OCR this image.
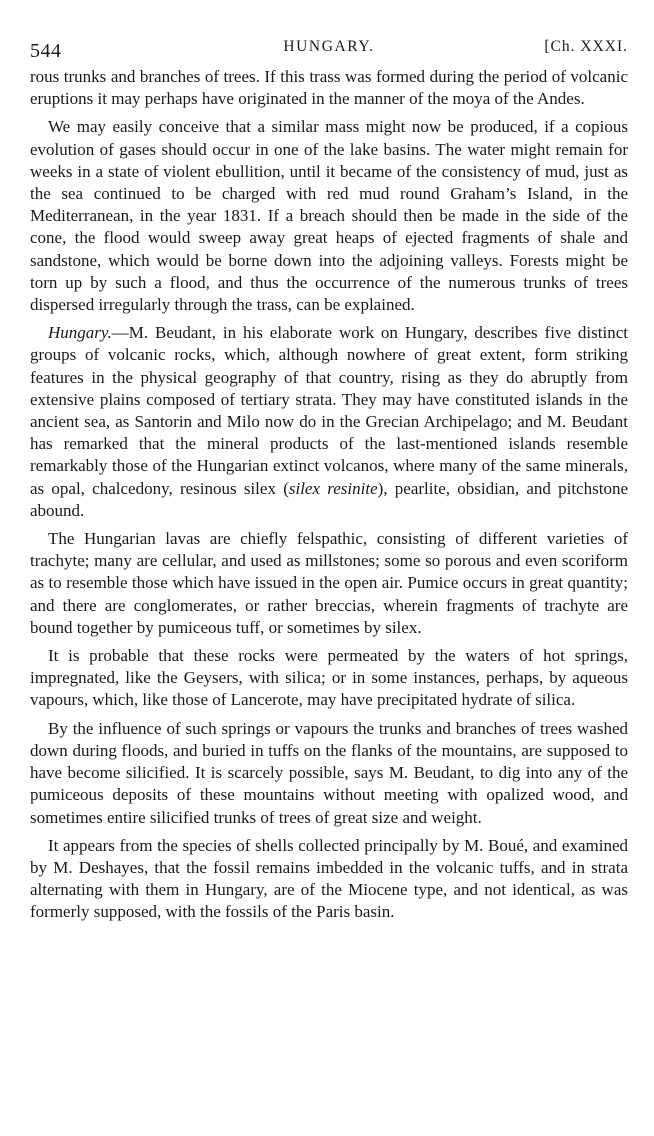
544	HUNGARY.	[Ch. XXXI.

rous trunks and branches of trees. If this trass was formed during the period of volcanic eruptions it may perhaps have originated in the manner of the moya of the Andes.

We may easily conceive that a similar mass might now be produced, if a copious evolution of gases should occur in one of the lake basins. The water might remain for weeks in a state of violent ebullition, until it became of the consistency of mud, just as the sea continued to be charged with red mud round Graham’s Island, in the Mediterranean, in the year 1831. If a breach should then be made in the side of the cone, the flood would sweep away great heaps of ejected fragments of shale and sandstone, which would be borne down into the adjoining valleys. Forests might be torn up by such a flood, and thus the occurrence of the numerous trunks of trees dispersed irregularly through the trass, can be explained.

Hungary.—M. Beudant, in his elaborate work on Hungary, describes five distinct groups of volcanic rocks, which, although nowhere of great extent, form striking features in the physical geography of that country, rising as they do abruptly from extensive plains composed of tertiary strata. They may have constituted islands in the ancient sea, as Santorin and Milo now do in the Grecian Archipelago; and M. Beudant has remarked that the mineral products of the last-mentioned islands resemble remarkably those of the Hungarian extinct volcanos, where many of the same minerals, as opal, chalcedony, resinous silex (silex resinite), pearlite, obsidian, and pitchstone abound.

The Hungarian lavas are chiefly felspathic, consisting of different varieties of trachyte; many are cellular, and used as millstones; some so porous and even scoriform as to resemble those which have issued in the open air. Pumice occurs in great quantity; and there are conglomerates, or rather breccias, wherein fragments of trachyte are bound together by pumiceous tuff, or sometimes by silex.

It is probable that these rocks were permeated by the waters of hot springs, impregnated, like the Geysers, with silica; or in some instances, perhaps, by aqueous vapours, which, like those of Lancerote, may have precipitated hydrate of silica.

By the influence of such springs or vapours the trunks and branches of trees washed down during floods, and buried in tuffs on the flanks of the mountains, are supposed to have become silicified. It is scarcely possible, says M. Beudant, to dig into any of the pumiceous deposits of these mountains without meeting with opalized wood, and sometimes entire silicified trunks of trees of great size and weight.

It appears from the species of shells collected principally by M. Boué, and examined by M. Deshayes, that the fossil remains imbedded in the volcanic tuffs, and in strata alternating with them in Hungary, are of the Miocene type, and not identical, as was formerly supposed, with the fossils of the Paris basin.
